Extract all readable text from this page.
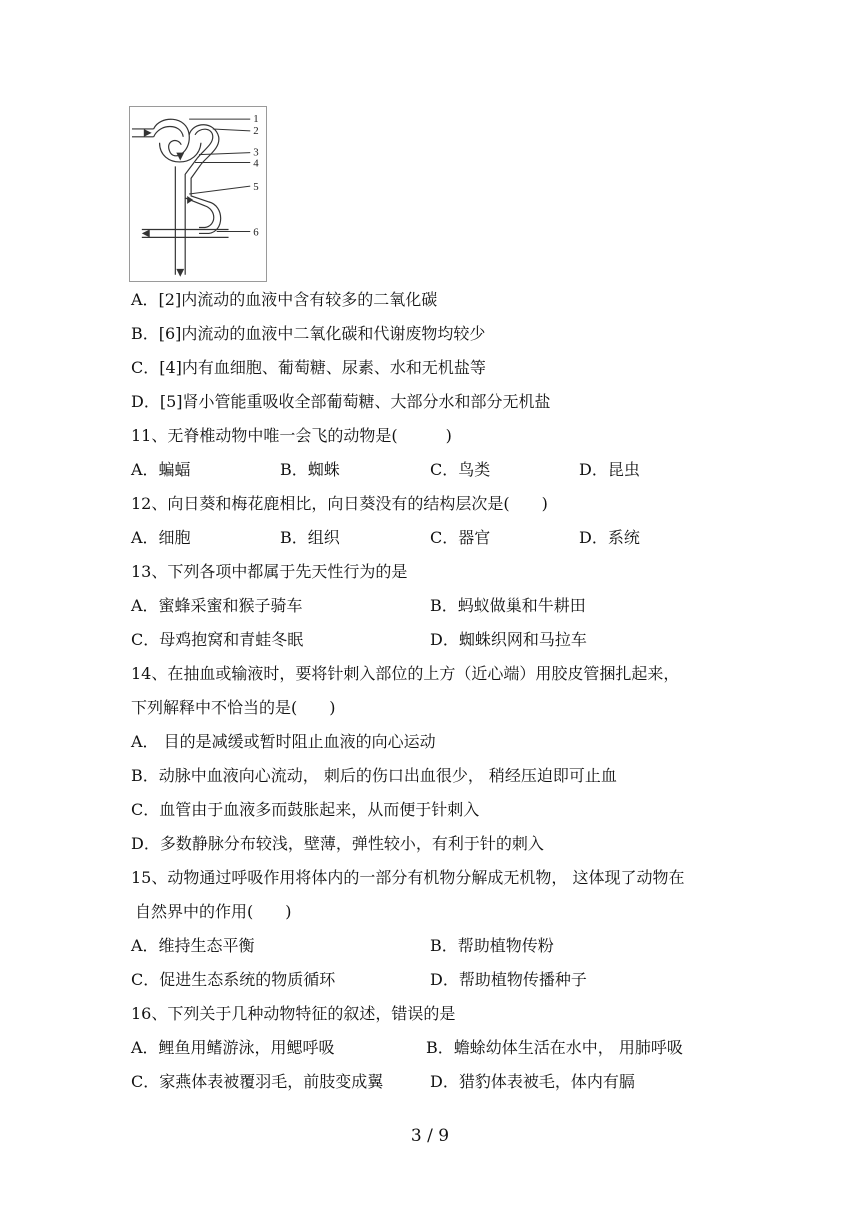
1
2
3
4
5
6
A．[2]内流动的血液中含有较多的二氧化碳
B．[6]内流动的血液中二氧化碳和代谢废物均较少
C．[4]内有血细胞、葡萄糖、尿素、水和无机盐等
D．[5]肾小管能重吸收全部葡萄糖、大部分水和部分无机盐
11、无脊椎动物中唯一会飞的动物是(　　　)
A．蝙蝠	B．蜘蛛	C．鸟类	D．昆虫
12、向日葵和梅花鹿相比，向日葵没有的结构层次是(　　)
A．细胞	B．组织	C．器官	D．系统
13、下列各项中都属于先天性行为的是
A．蜜蜂采蜜和猴子骑车	B．蚂蚁做巢和牛耕田
C．母鸡抱窝和青蛙冬眠	D．蜘蛛织网和马拉车
14、在抽血或输液时，要将针刺入部位的上方（近心端）用胶皮管捆扎起来，
下列解释中不恰当的是(　　)
A． 目的是减缓或暂时阻止血液的向心运动
B．动脉中血液向心流动， 刺后的伤口出血很少， 稍经压迫即可止血
C．血管由于血液多而鼓胀起来，从而便于针刺入
D．多数静脉分布较浅，壁薄，弹性较小，有利于针的刺入
15、动物通过呼吸作用将体内的一部分有机物分解成无机物， 这体现了动物在
自然界中的作用(　　)
A．维持生态平衡	B．帮助植物传粉
C．促进生态系统的物质循环	D．帮助植物传播种子
16、下列关于几种动物特征的叙述，错误的是
A．鲤鱼用鳍游泳，用鳃呼吸	B．蟾蜍幼体生活在水中， 用肺呼吸
C．家燕体表被覆羽毛，前肢变成翼	D．猎豹体表被毛，体内有膈
3 / 9
